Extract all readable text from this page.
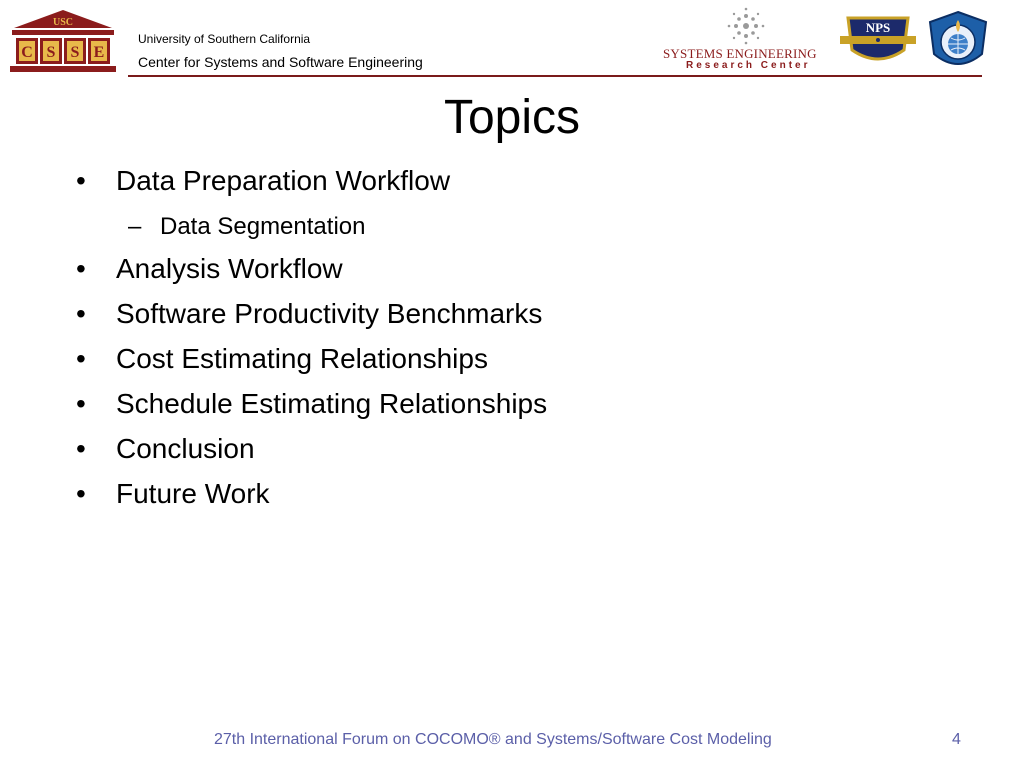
USC
C S S E
University of Southern California
Center for Systems and Software Engineering
SYSTEMS ENGINEERING
Research Center
NPS
Topics
• Data Preparation Workflow
– Data Segmentation
• Analysis Workflow
• Software Productivity Benchmarks
• Cost Estimating Relationships
• Schedule Estimating Relationships
• Conclusion
• Future Work
27th International Forum on COCOMO® and Systems/Software Cost Modeling	4
